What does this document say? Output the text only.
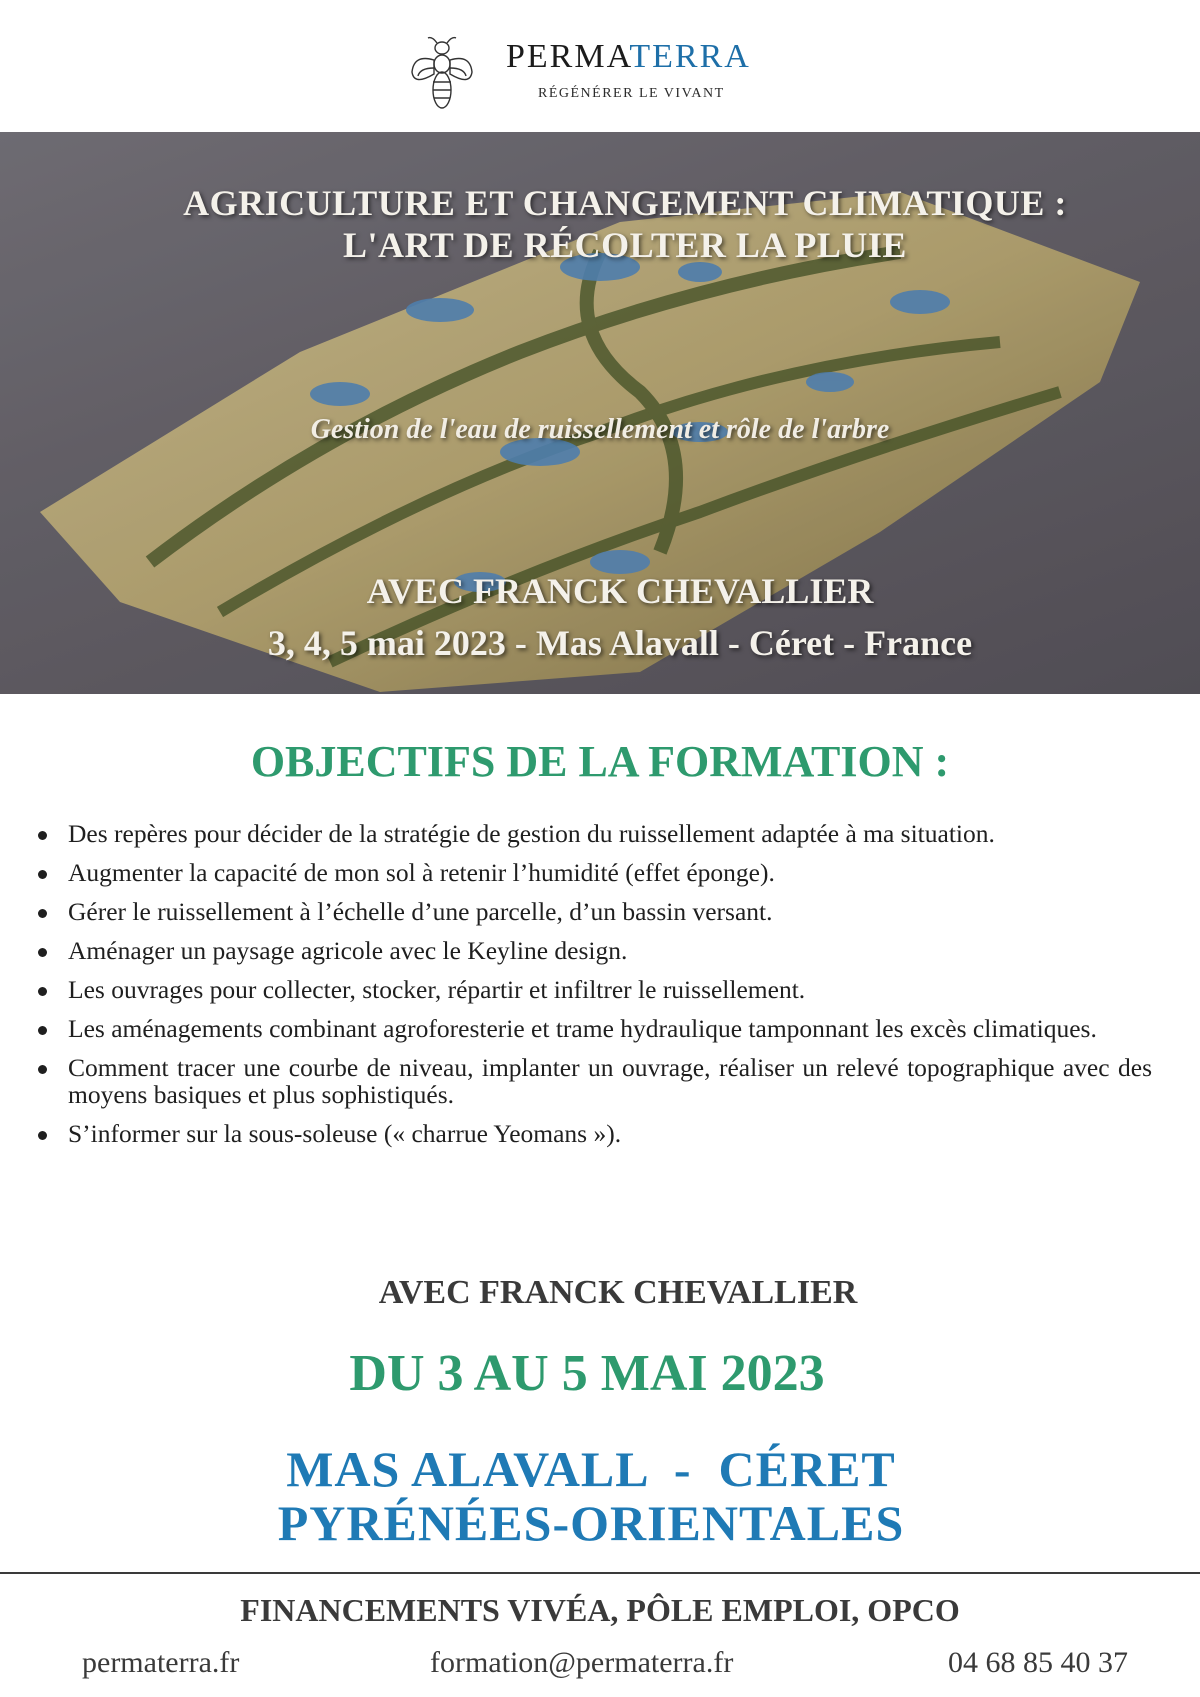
PERMATERRA
RÉGÉNÉRER LE VIVANT
AGRICULTURE ET CHANGEMENT CLIMATIQUE :
L'ART DE RÉCOLTER LA PLUIE
Gestion de l'eau de ruissellement et rôle de l'arbre
AVEC FRANCK CHEVALLIER
3, 4, 5 mai 2023 - Mas Alavall - Céret - France
OBJECTIFS DE LA FORMATION :
Des repères pour décider de la stratégie de gestion du ruissellement adaptée à ma situation.
Augmenter la capacité de mon sol à retenir l’humidité (effet éponge).
Gérer le ruissellement à l’échelle d’une parcelle, d’un bassin versant.
Aménager un paysage agricole avec le Keyline design.
Les ouvrages pour collecter, stocker, répartir et infiltrer le ruissellement.
Les aménagements combinant agroforesterie et trame hydraulique tamponnant les excès climatiques.
Comment tracer une courbe de niveau, implanter un ouvrage, réaliser un relevé topographique avec des moyens basiques et plus sophistiqués.
S’informer sur la sous-soleuse (« charrue Yeomans »).
AVEC FRANCK CHEVALLIER
DU 3 AU 5 MAI 2023
MAS ALAVALL  -  CÉRET
PYRÉNÉES-ORIENTALES
FINANCEMENTS VIVÉA, PÔLE EMPLOI, OPCO
permaterra.fr	formation@permaterra.fr	04 68 85 40 37
